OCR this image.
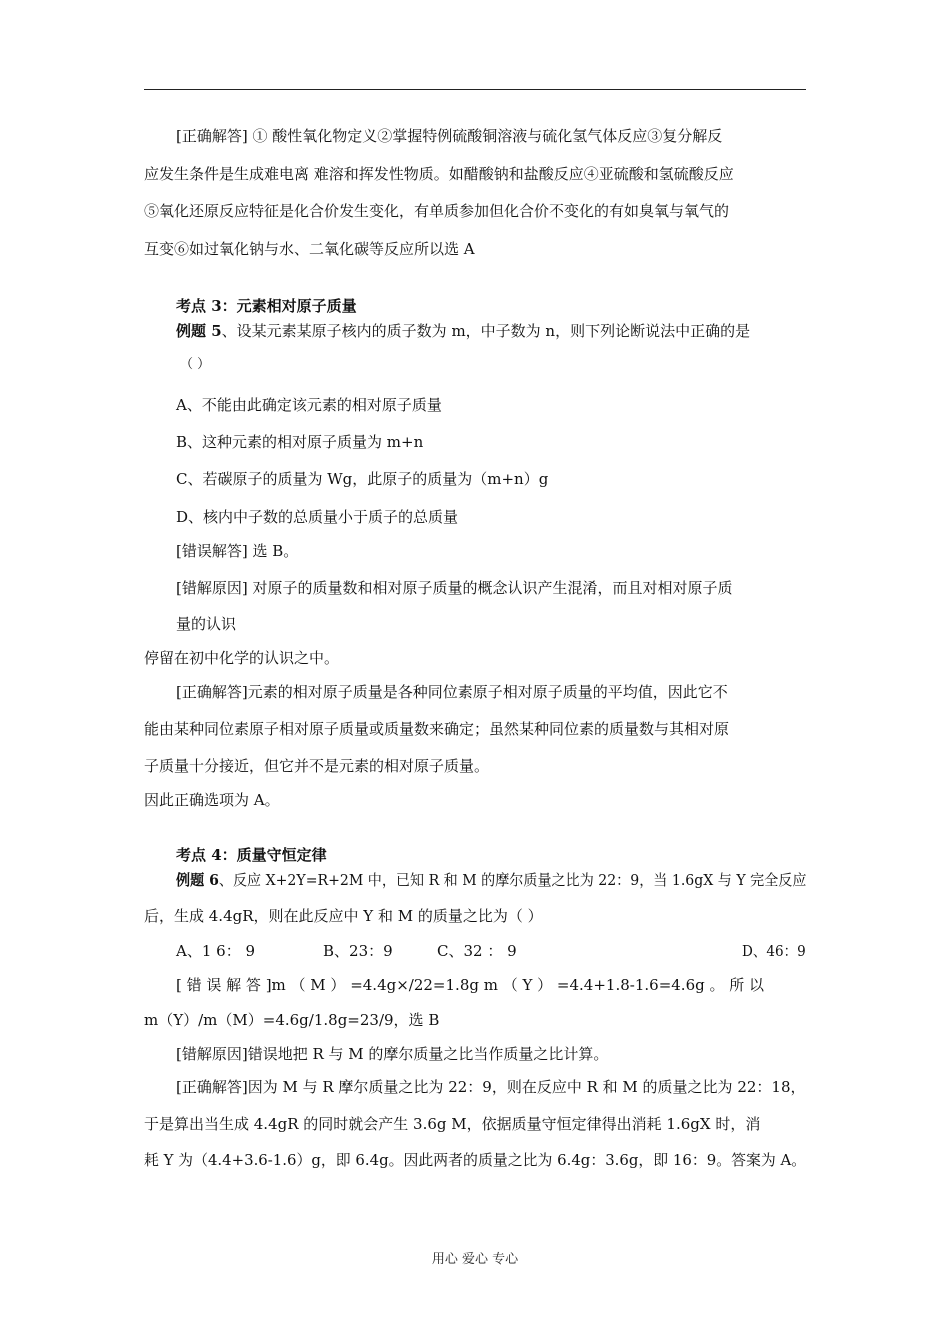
[正确解答] ① 酸性氧化物定义②掌握特例硫酸铜溶液与硫化氢气体反应③复分解反
应发生条件是生成难电离 难溶和挥发性物质。如醋酸钠和盐酸反应④亚硫酸和氢硫酸反应
⑤氧化还原反应特征是化合价发生变化，有单质参加但化合价不变化的有如臭氧与氧气的
互变⑥如过氧化钠与水、二氧化碳等反应所以选 A
考点 3：元素相对原子质量
例题 5、设某元素某原子核内的质子数为 m，中子数为 n，则下列论断说法中正确的是
（ ）
A、不能由此确定该元素的相对原子质量
B、这种元素的相对原子质量为 m+n
C、若碳原子的质量为 Wg，此原子的质量为（m+n）g
D、核内中子数的总质量小于质子的总质量
[错误解答] 选 B。
[错解原因] 对原子的质量数和相对原子质量的概念认识产生混淆，而且对相对原子质
量的认识
停留在初中化学的认识之中。
[正确解答]元素的相对原子质量是各种同位素原子相对原子质量的平均值，因此它不
能由某种同位素原子相对原子质量或质量数来确定；虽然某种同位素的质量数与其相对原
子质量十分接近，但它并不是元素的相对原子质量。
因此正确选项为 A。
考点 4：质量守恒定律
例题 6、反应 X+2Y=R+2M 中，已知 R 和 M 的摩尔质量之比为 22：9，当 1.6gX 与 Y 完全反应
后，生成 4.4gR，则在此反应中 Y 和 M 的质量之比为（ ）
A、1 6： 9	B、23：9	C、32 ： 9	D、46：9
[ 错 误 解 答 ]m （ M ） =4.4g×/22=1.8g m （ Y ） =4.4+1.8-1.6=4.6g 。 所 以
m（Y）/m（M）=4.6g/1.8g=23/9，选 B
[错解原因]错误地把 R 与 M 的摩尔质量之比当作质量之比计算。
[正确解答]因为 M 与 R 摩尔质量之比为 22：9，则在反应中 R 和 M 的质量之比为 22：18，
于是算出当生成 4.4gR 的同时就会产生 3.6g M，依据质量守恒定律得出消耗 1.6gX 时，消
耗 Y 为（4.4+3.6-1.6）g，即 6.4g。因此两者的质量之比为 6.4g：3.6g，即 16：9。答案为 A。
用心 爱心 专心
